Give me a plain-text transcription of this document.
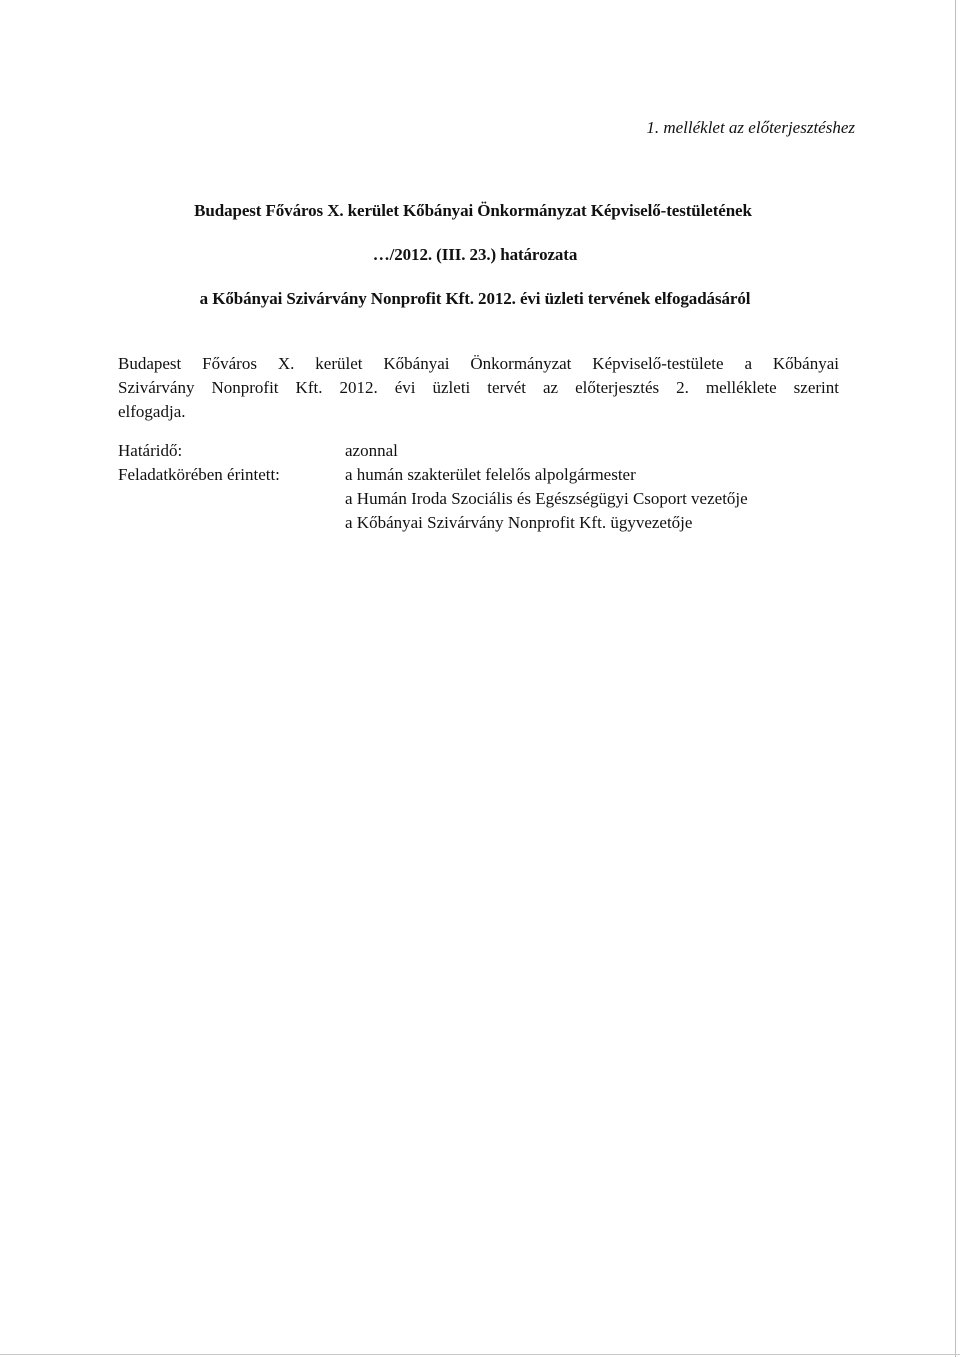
1. melléklet az előterjesztéshez
Budapest Főváros X. kerület Kőbányai Önkormányzat Képviselő-testületének
…/2012. (III. 23.) határozata
a Kőbányai Szivárvány Nonprofit Kft. 2012. évi üzleti tervének elfogadásáról
Budapest Főváros X. kerület Kőbányai Önkormányzat Képviselő-testülete a Kőbányai
Szivárvány Nonprofit Kft. 2012. évi üzleti tervét az előterjesztés 2. melléklete szerint
elfogadja.
Határidő:
Feladatkörében érintett:
azonnal
a humán szakterület felelős alpolgármester
a Humán Iroda Szociális és Egészségügyi Csoport vezetője
a Kőbányai Szivárvány Nonprofit Kft. ügyvezetője
